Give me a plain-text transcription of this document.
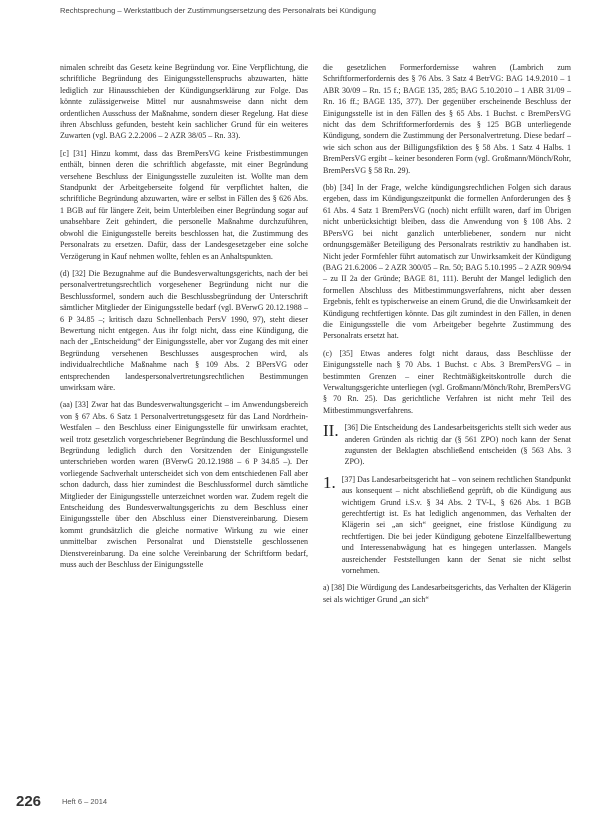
Rechtsprechung – Werkstattbuch der Zustimmungsersetzung des Personalrats bei Kündigung

nimalen schreibt das Gesetz keine Begründung vor. Eine Verpflichtung, die schriftliche Begründung des Einigungsstellenspruchs abzuwarten, hätte lediglich zur Hinausschieben der Kündigungserklärung zur Folge. Das könnte zulässigerweise Mittel nur ausnahmsweise dann nicht dem ordentlichen Ausschuss der Maßnahme, sondern dieser Regelung. Hat diese ihren Abschluss gefunden, besteht kein sachlicher Grund für ein weiteres Zuwarten (vgl. BAG 2.2.2006 – 2 AZR 38/05 – Rn. 33).

[c] [31] Hinzu kommt, dass das BremPersVG keine Fristbestimmungen enthält, binnen deren die schriftlich abgefasste, mit einer Begründung versehene Beschluss der Einigungsstelle zuzuleiten ist. Wollte man dem Standpunkt der Arbeitgeberseite folgend für verpflichtet halten, die schriftliche Begründung abzuwarten, wäre er selbst in Fällen des § 626 Abs. 1 BGB auf für längere Zeit, beim Unterbleiben einer Begründung sogar auf unabsehbare Zeit gehindert, die personelle Maßnahme durchzuführen, obwohl die Einigungsstelle bereits beschlossen hat, die Zustimmung des Personalrats zu ersetzen. Dafür, dass der Landesgesetzgeber eine solche Verzögerung in Kauf nehmen wollte, fehlen es an Anhaltspunkten.

(d) [32] Die Bezugnahme auf die Bundesverwaltungsgerichts, nach der bei personalvertretungsrechtlich vorgesehener Begründung nicht nur die Beschlussformel, sondern auch die Beschlussbegründung der Unterschrift sämtlicher Mitglieder der Einigungsstelle bedarf (vgl. BVerwG 20.12.1988 – 6 P 34.85 –; kritisch dazu Schnellenbach PersV 1990, 97), steht dieser Bewertung nicht entgegen. Aus ihr folgt nicht, dass eine Kündigung, die nach der „Entscheidung“ der Einigungsstelle, aber vor Zugang des mit einer Begründung versehenen Beschlusses ausgesprochen wird, als individualrechtliche Maßnahme nach § 109 Abs. 2 BPersVG oder entsprechenden landespersonalvertretungsrechtlichen Bestimmungen unwirksam wäre.

(aa) [33] Zwar hat das Bundesverwaltungsgericht – im Anwendungsbereich von § 67 Abs. 6 Satz 1 Personalvertretungsgesetz für das Land Nordrhein-Westfalen – den Beschluss einer Einigungsstelle für unwirksam erachtet, weil trotz gesetzlich vorgeschriebener Begründung die Beschlussformel und Begründung lediglich durch den Vorsitzenden der Einigungsstelle unterschrieben worden waren (BVerwG 20.12.1988 – 6 P 34.85 –). Der vorliegende Sachverhalt unterscheidet sich von dem entschiedenen Fall aber schon dadurch, dass hier zumindest die Beschlussformel durch sämtliche Mitglieder der Einigungsstelle unterzeichnet worden war. Zudem regelt die Entscheidung des Bundesverwaltungsgerichts zu dem Beschluss einer Einigungsstelle über den Abschluss einer Dienstvereinbarung. Diesem kommt grundsätzlich die gleiche normative Wirkung zu wie einer unmittelbar zwischen Personalrat und Dienststelle geschlossenen Dienstvereinbarung. Da eine solche Vereinbarung der Schriftform bedarf, muss auch der Beschluss der Einigungsstelle

die gesetzlichen Formerfordernisse wahren (Lambrich zum Schriftformerfordernis des § 76 Abs. 3 Satz 4 BetrVG: BAG 14.9.2010 – 1 ABR 30/09 – Rn. 15 f.; BAGE 135, 285; BAG 5.10.2010 – 1 ABR 31/09 – Rn. 16 ff.; BAGE 135, 377). Der gegenüber erscheinende Beschluss der Einigungsstelle ist in den Fällen des § 65 Abs. 1 Buchst. c BremPersVG nicht das dem Schriftformerfordernis des § 125 BGB unterliegende Kündigung, sondern die Zustimmung der Personalvertretung. Diese bedarf – wie sich schon aus der Billigungsfiktion des § 58 Abs. 1 Satz 4 Halbs. 1 BremPersVG ergibt – keiner besonderen Form (vgl. Großmann/Mönch/Rohr, BremPersVG § 58 Rn. 29).

(bb) [34] In der Frage, welche kündigungsrechtlichen Folgen sich daraus ergeben, dass im Kündigungszeitpunkt die formellen Anforderungen des § 61 Abs. 4 Satz 1 BremPersVG (noch) nicht erfüllt waren, darf im Übrigen nicht unberücksichtigt bleiben, dass die Anwendung von § 108 Abs. 2 BPersVG bei nicht ganzlich unterbliebener, sondern nur nicht ordnungsgemäßer Beteiligung des Personalrats restriktiv zu handhaben ist. Nicht jeder Formfehler führt automatisch zur Unwirksamkeit der Kündigung (BAG 21.6.2006 – 2 AZR 300/05 – Rn. 50; BAG 5.10.1995 – 2 AZR 909/94 – zu II 2a der Gründe; BAGE 81, 111). Beruht der Mangel lediglich den formellen Abschluss des Mitbestimmungsverfahrens, nicht aber dessen Ergebnis, fehlt es typischerweise an einem Grund, die die Unwirksamkeit der Kündigung rechtfertigen könnte. Das gilt zumindest in den Fällen, in denen die Einigungsstelle die vom Arbeitgeber begehrte Zustimmung des Personalrats ersetzt hat.

(c) [35] Etwas anderes folgt nicht daraus, dass Beschlüsse der Einigungsstelle nach § 70 Abs. 1 Buchst. c Abs. 3 BremPersVG – in bestimmten Grenzen – einer Rechtmäßigkeitskontrolle durch die Verwaltungsgerichte unterliegen (vgl. Großmann/Mönch/Rohr, BremPersVG § 70 Rn. 25). Das gerichtliche Verfahren ist nicht mehr Teil des Mitbestimmungsverfahrens.

II. [36] Die Entscheidung des Landesarbeitsgerichts stellt sich weder aus anderen Gründen als richtig dar (§ 561 ZPO) noch kann der Senat zugunsten der Beklagten abschließend entscheiden (§ 563 Abs. 3 ZPO).

1. [37] Das Landesarbeitsgericht hat – von seinem rechtlichen Standpunkt aus konsequent – nicht abschließend geprüft, ob die Kündigung aus wichtigem Grund i.S.v. § 34 Abs. 2 TV-L, § 626 Abs. 1 BGB gerechtfertigt ist. Es hat lediglich angenommen, das Verhalten der Klägerin sei „an sich“ geeignet, eine fristlose Kündigung zu rechtfertigen. Die bei jeder Kündigung gebotene Einzelfallbewertung und Interessenabwägung hat es hingegen unterlassen. Mangels ausreichender Feststellungen kann der Senat sie nicht selbst vornehmen.

a) [38] Die Würdigung des Landesarbeitsgerichts, das Verhalten der Klägerin sei als wichtiger Grund „an sich“

226	Heft 6 – 2014
